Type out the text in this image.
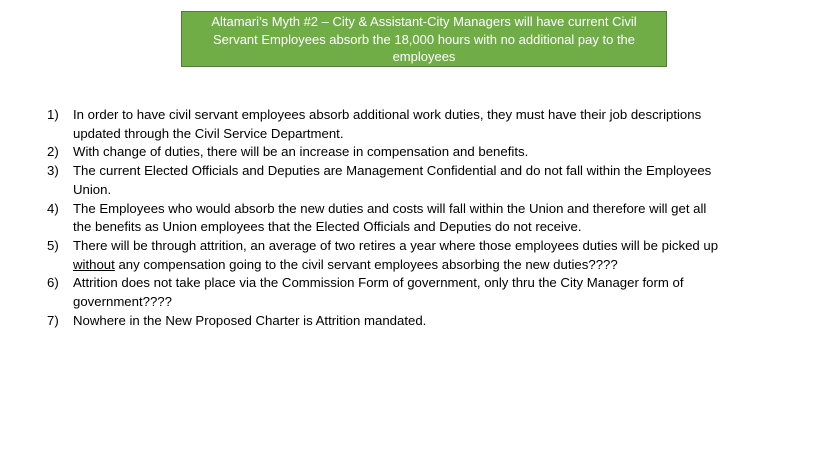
Altamari’s Myth #2 – City & Assistant-City Managers will have current Civil
Servant Employees absorb the 18,000 hours with no additional pay to the
employees
1) In order to have civil servant employees absorb additional work duties, they must have their job descriptions
updated through the Civil Service Department.
2) With change of duties, there will be an increase in compensation and benefits.
3) The current Elected Officials and Deputies are Management Confidential and do not fall within the Employees
Union.
4) The Employees who would absorb the new duties and costs will fall within the Union and therefore will get all
the benefits as Union employees that the Elected Officials and Deputies do not receive.
5) There will be through attrition, an average of two retires a year where those employees duties will be picked up
without any compensation going to the civil servant employees absorbing the new duties????
6) Attrition does not take place via the Commission Form of government, only thru the City Manager form of
government????
7) Nowhere in the New Proposed Charter is Attrition mandated.
